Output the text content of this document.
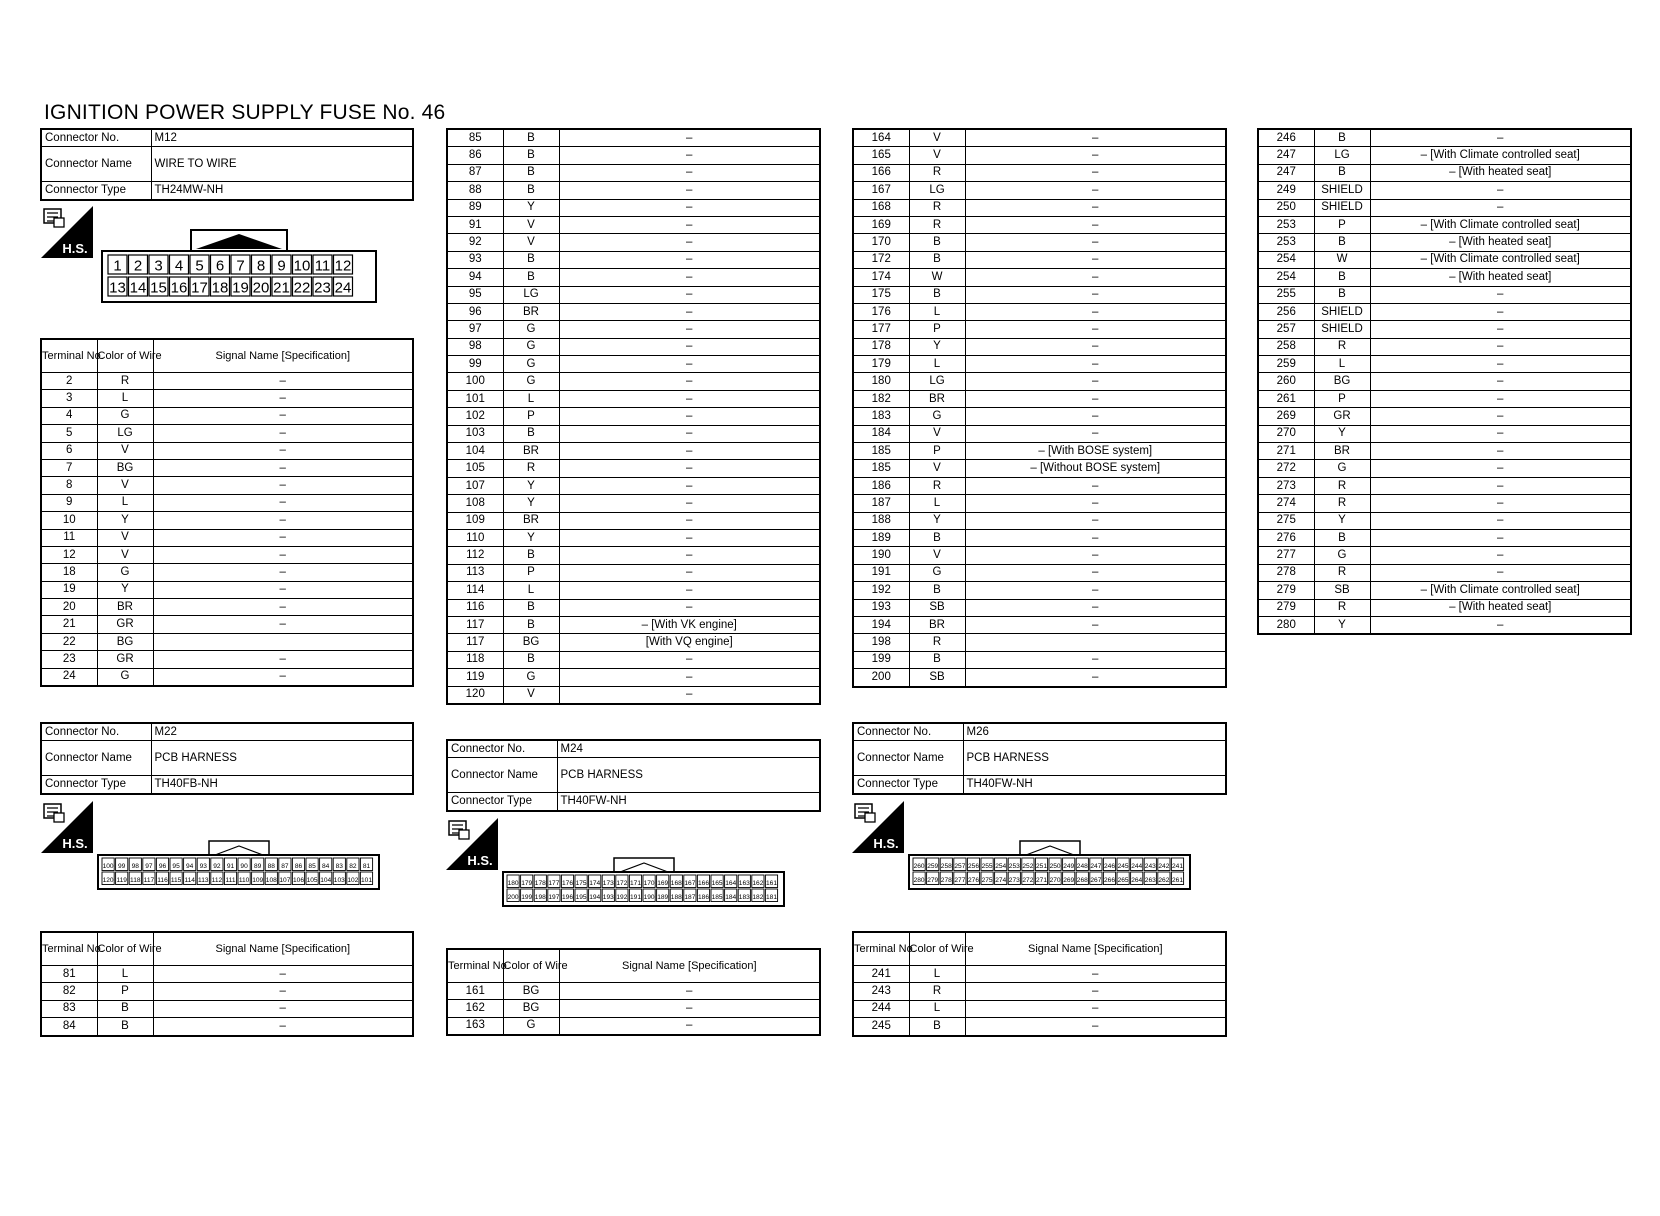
IGNITION POWER SUPPLY FUSE No. 46
Connector No.	M12
Connector Name	WIRE TO WIRE
Connector Type	TH24MW-NH
H.S.
1 2 3 4 5 6 7 8 9 10 11 12
13 14 15 16 17 18 19 20 21 22 23 24
Terminal No.	Color of Wire	Signal Name [Specification]
2	R	–
3	L	–
4	G	–
5	LG	–
6	V	–
7	BG	–
8	V	–
9	L	–
10	Y	–
11	V	–
12	V	–
18	G	–
19	Y	–
20	BR	–
21	GR	–
22	BG	
23	GR	–
24	G	–
85	B	–
86	B	–
87	B	–
88	B	–
89	Y	–
91	V	–
92	V	–
93	B	–
94	B	–
95	LG	–
96	BR	–
97	G	–
98	G	–
99	G	–
100	G	–
101	L	–
102	P	–
103	B	–
104	BR	–
105	R	–
107	Y	–
108	Y	–
109	BR	–
110	Y	–
112	B	–
113	P	–
114	L	–
116	B	–
117	B	– [With VK engine]
117	BG	[With VQ engine]
118	B	–
119	G	–
120	V	–
164	V	–
165	V	–
166	R	–
167	LG	–
168	R	–
169	R	–
170	B	–
172	B	–
174	W	–
175	B	–
176	L	–
177	P	–
178	Y	–
179	L	–
180	LG	–
182	BR	–
183	G	–
184	V	–
185	P	– [With BOSE system]
185	V	– [Without BOSE system]
186	R	–
187	L	–
188	Y	–
189	B	–
190	V	–
191	G	–
192	B	–
193	SB	–
194	BR	–
198	R	
199	B	–
200	SB	–
246	B	–
247	LG	– [With Climate controlled seat]
247	B	– [With heated seat]
249	SHIELD	–
250	SHIELD	–
253	P	– [With Climate controlled seat]
253	B	– [With heated seat]
254	W	– [With Climate controlled seat]
254	B	– [With heated seat]
255	B	–
256	SHIELD	–
257	SHIELD	–
258	R	–
259	L	–
260	BG	–
261	P	–
269	GR	–
270	Y	–
271	BR	–
272	G	–
273	R	–
274	R	–
275	Y	–
276	B	–
277	G	–
278	R	–
279	SB	– [With Climate controlled seat]
279	R	– [With heated seat]
280	Y	–
Connector No.	M22
Connector Name	PCB HARNESS
Connector Type	TH40FB-NH
H.S.
100 99 98 97 96 95 94 93 92 91 90 89 88 87 86 85 84 83 82 81
120 119 118 117 116 115 114 113 112 111 110 109 108 107 106 105 104 103 102 101
Terminal No.	Color of Wire	Signal Name [Specification]
81	L	–
82	P	–
83	B	–
84	B	–
Connector No.	M24
Connector Name	PCB HARNESS
Connector Type	TH40FW-NH
H.S.
180 179 178 177 176 175 174 173 172 171 170 169 168 167 166 165 164 163 162 161
200 199 198 197 196 195 194 193 192 191 190 189 188 187 186 185 184 183 182 181
Terminal No.	Color of Wire	Signal Name [Specification]
161	BG	–
162	BG	–
163	G	–
Connector No.	M26
Connector Name	PCB HARNESS
Connector Type	TH40FW-NH
H.S.
260 259 258 257 256 255 254 253 252 251 250 249 248 247 246 245 244 243 242 241
280 279 278 277 276 275 274 273 272 271 270 269 268 267 266 265 264 263 262 261
Terminal No.	Color of Wire	Signal Name [Specification]
241	L	–
243	R	–
244	L	–
245	B	–
